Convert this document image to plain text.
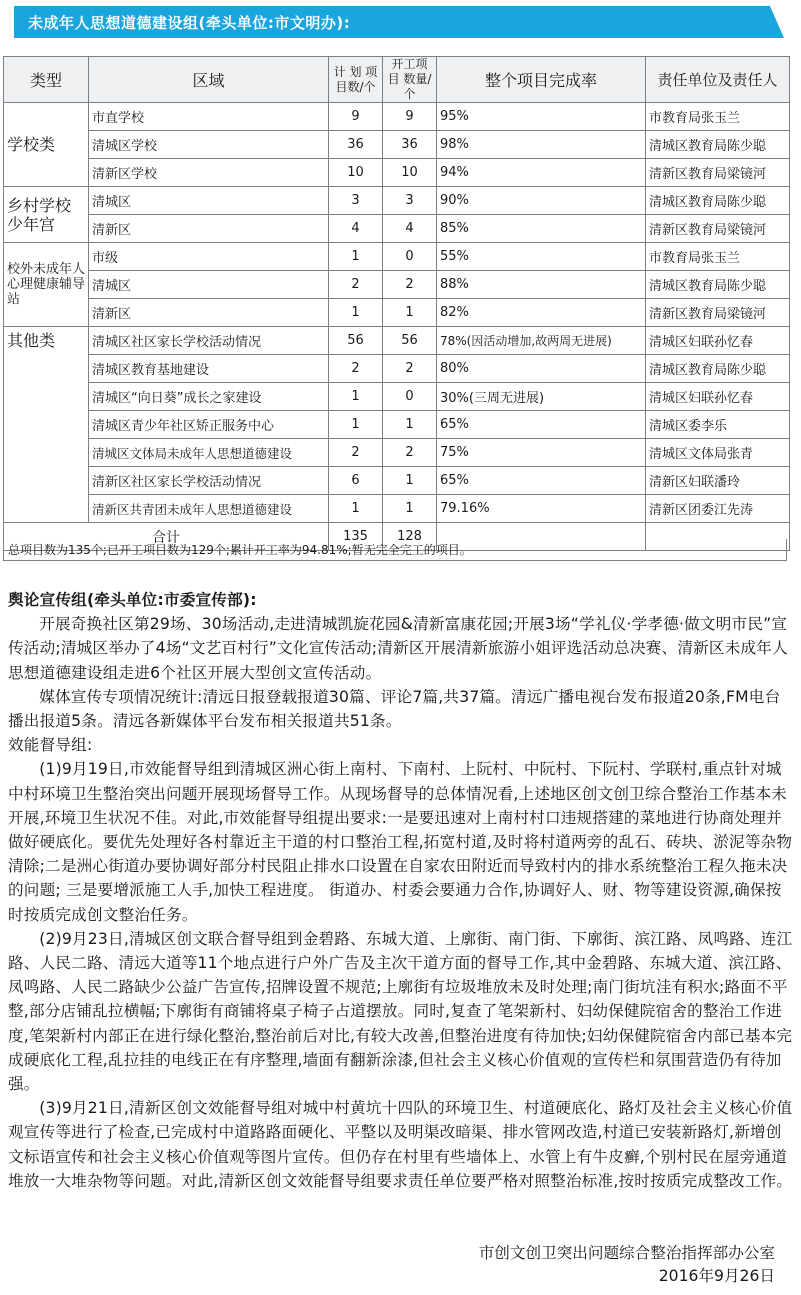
未成年人思想道德建设组(牵头单位:市文明办):
类型	区域	计 划 项 目数/个	开工项目 数量/个	整个项目完成率	责任单位及责任人
学校类	市直学校	9	9	95%	市教育局张玉兰
	清城区学校	36	36	98%	清城区教育局陈少聪
	清新区学校	10	10	94%	清新区教育局梁镜河
乡村学校少年宫	清城区	3	3	90%	清城区教育局陈少聪
	清新区	4	4	85%	清新区教育局梁镜河
校外未成年人心理健康辅导站	市级	1	0	55%	市教育局张玉兰
	清城区	2	2	88%	清城区教育局陈少聪
	清新区	1	1	82%	清新区教育局梁镜河
其他类	清城区社区家长学校活动情况	56	56	78%(因活动增加,故两周无进展)	清城区妇联孙忆春
	清城区教育基地建设	2	2	80%	清城区教育局陈少聪
	清城区“向日葵”成长之家建设	1	0	30%(三周无进展)	清城区妇联孙忆春
	清城区青少年社区矫正服务中心	1	1	65%	清城区委李乐
	清城区文体局未成年人思想道德建设	2	2	75%	清城区文体局张青
	清新区社区家长学校活动情况	6	1	65%	清新区妇联潘玲
	清新区共青团未成年人思想道德建设	1	1	79.16%	清新区团委江先涛
合计		135	128		
总项目数为135个;已开工项目数为129个;累计开工率为94.81%;暂无完全完工的项目。

舆论宣传组(牵头单位:市委宣传部):

开展奇换社区第29场、30场活动,走进清城凯旋花园&清新富康花园;开展3场“学礼仪·学孝德·做文明市民”宣传活动;清城区举办了4场“文艺百村行”文化宣传活动;清新区开展清新旅游小姐评选活动总决赛、清新区未成年人思想道德建设组走进6个社区开展大型创文宣传活动。

媒体宣传专项情况统计:清远日报登载报道30篇、评论7篇,共37篇。清远广播电视台发布报道20条,FM电台播出报道5条。清远各新媒体平台发布相关报道共51条。

效能督导组:

(1)9月19日,市效能督导组到清城区洲心街上南村、下南村、上阮村、中阮村、下阮村、学联村,重点针对城中村环境卫生整治突出问题开展现场督导工作。从现场督导的总体情况看,上述地区创文创卫综合整治工作基本未开展,环境卫生状况不佳。对此,市效能督导组提出要求:一是要迅速对上南村村口违规搭建的菜地进行协商处理并做好硬底化。要优先处理好各村靠近主干道的村口整治工程,拓宽村道,及时将村道两旁的乱石、砖块、淤泥等杂物清除;二是洲心街道办要协调好部分村民阻止排水口设置在自家农田附近而导致村内的排水系统整治工程久拖未决的问题; 三是要增派施工人手,加快工程进度。 街道办、村委会要通力合作,协调好人、财、物等建设资源,确保按时按质完成创文整治任务。

(2)9月23日,清城区创文联合督导组到金碧路、东城大道、上廓街、南门街、下廓街、滨江路、凤鸣路、连江路、人民二路、清远大道等11个地点进行户外广告及主次干道方面的督导工作,其中金碧路、东城大道、滨江路、凤鸣路、人民二路缺少公益广告宣传,招牌设置不规范;上廓街有垃圾堆放未及时处理;南门街坑洼有积水;路面不平整,部分店铺乱拉横幅;下廓街有商铺将桌子椅子占道摆放。同时,复查了笔架新村、妇幼保健院宿舍的整治工作进度,笔架新村内部正在进行绿化整治,整治前后对比,有较大改善,但整治进度有待加快;妇幼保健院宿舍内部已基本完成硬底化工程,乱拉挂的电线正在有序整理,墙面有翻新涂漆,但社会主义核心价值观的宣传栏和氛围营造仍有待加强。

(3)9月21日,清新区创文效能督导组对城中村黄坑十四队的环境卫生、村道硬底化、路灯及社会主义核心价值观宣传等进行了检查,已完成村中道路路面硬化、平整以及明渠改暗渠、排水管网改造,村道已安装新路灯,新增创文标语宣传和社会主义核心价值观等图片宣传。但仍存在村里有些墙体上、水管上有牛皮癣,个别村民在屋旁通道堆放一大堆杂物等问题。对此,清新区创文效能督导组要求责任单位要严格对照整治标准,按时按质完成整改工作。

市创文创卫突出问题综合整治指挥部办公室
2016年9月26日
